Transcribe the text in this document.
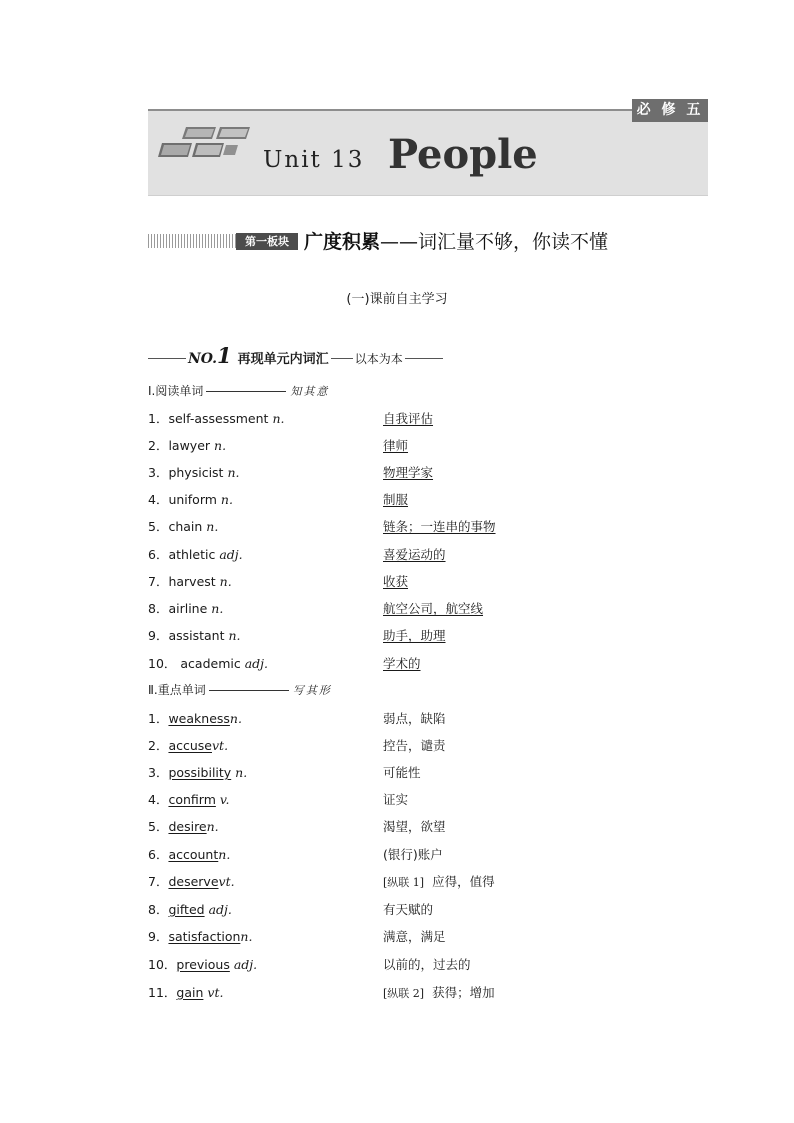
必 修 五
Unit 13 People
第一板块 广度积累——词汇量不够，你读不懂
(一)课前自主学习
NO.1 再现单元内词汇 以本为本
Ⅰ.阅读单词	知其意
1．self-assessment n.	自我评估
2．lawyer n.	律师
3．physicist n.	物理学家
4．uniform n.	制服
5．chain n.	链条；一连串的事物
6．athletic adj.	喜爱运动的
7．harvest n.	收获
8．airline n.	航空公司，航空线
9．assistant n.	助手，助理
10． academic adj.	学术的
Ⅱ.重点单词	写其形
1．weaknessn.	弱点，缺陷
2．accusevt.	控告，谴责
3．possibility n.	可能性
4．confirm v.	证实
5．desiren.	渴望，欲望
6．accountn.	(银行)账户
7．deservevt.	[纵联 1] 应得，值得
8．gifted adj.	有天赋的
9．satisfactionn.	满意，满足
10．previous adj.	以前的，过去的
11．gain vt.	[纵联 2] 获得；增加
